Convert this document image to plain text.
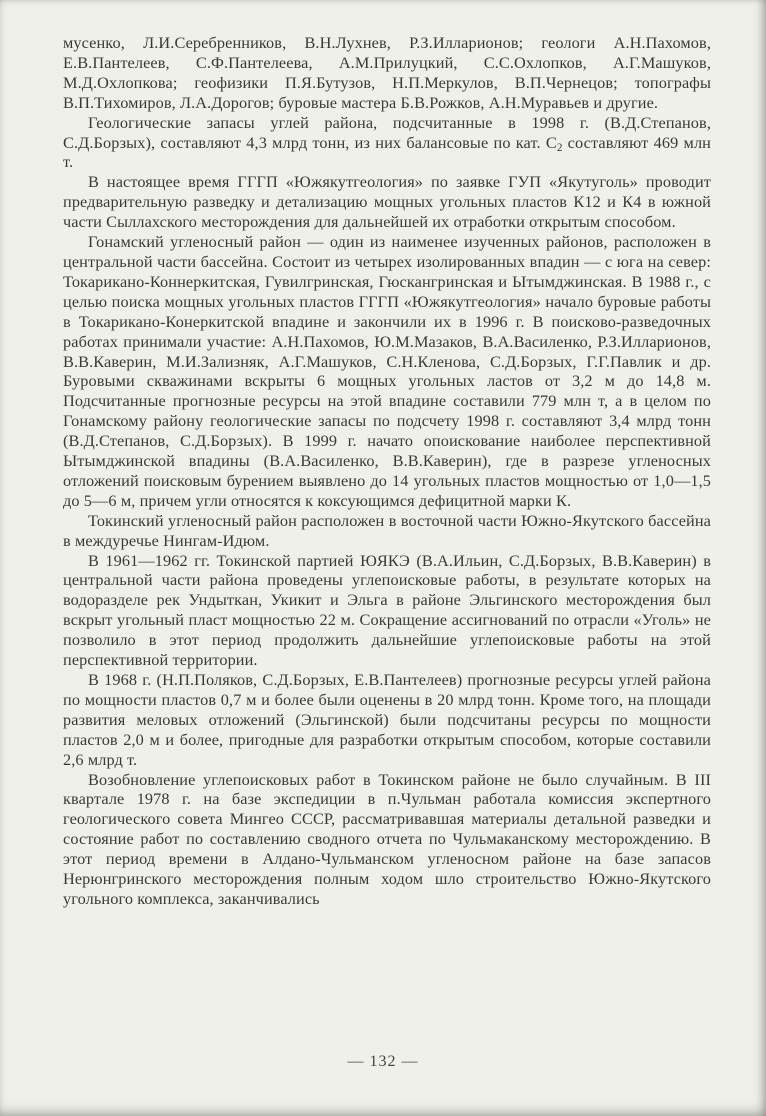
мусенко, Л.И.Серебренников, В.Н.Лухнев, Р.З.Илларионов; геологи А.Н.Пахомов, Е.В.Пантелеев, С.Ф.Пантелеева, А.М.Прилуцкий, С.С.Охлопков, А.Г.Машуков, М.Д.Охлопкова; геофизики П.Я.Бутузов, Н.П.Меркулов, В.П.Чернецов; топографы В.П.Тихомиров, Л.А.Дорогов; буровые мастера Б.В.Рожков, А.Н.Муравьев и другие.

Геологические запасы углей района, подсчитанные в 1998 г. (В.Д.Степанов, С.Д.Борзых), составляют 4,3 млрд тонн, из них балансовые по кат. $С_2$ составляют 469 млн т.

В настоящее время ГГГП «Южякутгеология» по заявке ГУП «Якутуголь» проводит предварительную разведку и детализацию мощных угольных пластов К12 и К4 в южной части Сыллахского месторождения для дальнейшей их отработки открытым способом.

Гонамский угленосный район — один из наименее изученных районов, расположен в центральной части бассейна. Состоит из четырех изолированных впадин — с юга на север: Токарикано-Коннеркитская, Гувилгринская, Гюскангринская и Ытымджинская. В 1988 г., с целью поиска мощных угольных пластов ГГГП «Южякутгеология» начало буровые работы в Токарикано-Конеркитской впадине и закончили их в 1996 г. В поисково-разведочных работах принимали участие: А.Н.Пахомов, Ю.М.Мазаков, В.А.Василенко, Р.З.Илларионов, В.В.Каверин, М.И.Зализняк, А.Г.Машуков, С.Н.Кленова, С.Д.Борзых, Г.Г.Павлик и др. Буровыми скважинами вскрыты 6 мощных угольных ластов от 3,2 м до 14,8 м. Подсчитанные прогнозные ресурсы на этой впадине составили 779 млн т, а в целом по Гонамскому району геологические запасы по подсчету 1998 г. составляют 3,4 млрд тонн (В.Д.Степанов, С.Д.Борзых). В 1999 г. начато опоискование наиболее перспективной Ытымджинской впадины (В.А.Василенко, В.В.Каверин), где в разрезе угленосных отложений поисковым бурением выявлено до 14 угольных пластов мощностью от 1,0—1,5 до 5—6 м, причем угли относятся к коксующимся дефицитной марки К.

Токинский угленосный район расположен в восточной части Южно-Якутского бассейна в междуречье Нингам-Идюм.

В 1961—1962 гг. Токинской партией ЮЯКЭ (В.А.Ильин, С.Д.Борзых, В.В.Каверин) в центральной части района проведены углепоисковые работы, в результате которых на водоразделе рек Ундыткан, Укикит и Эльга в районе Эльгинского месторождения был вскрыт угольный пласт мощностью 22 м. Сокращение ассигнований по отрасли «Уголь» не позволило в этот период продолжить дальнейшие углепоисковые работы на этой перспективной территории.

В 1968 г. (Н.П.Поляков, С.Д.Борзых, Е.В.Пантелеев) прогнозные ресурсы углей района по мощности пластов 0,7 м и более были оценены в 20 млрд тонн. Кроме того, на площади развития меловых отложений (Эльгинской) были подсчитаны ресурсы по мощности пластов 2,0 м и более, пригодные для разработки открытым способом, которые составили 2,6 млрд т.

Возобновление углепоисковых работ в Токинском районе не было случайным. В III квартале 1978 г. на базе экспедиции в п.Чульман работала комиссия экспертного геологического совета Мингео СССР, рассматривавшая материалы детальной разведки и состояние работ по составлению сводного отчета по Чульмаканскому месторождению. В этот период времени в Алдано-Чульманском угленосном районе на базе запасов Нерюнгринского месторождения полным ходом шло строительство Южно-Якутского угольного комплекса, заканчивались

— 132 —
